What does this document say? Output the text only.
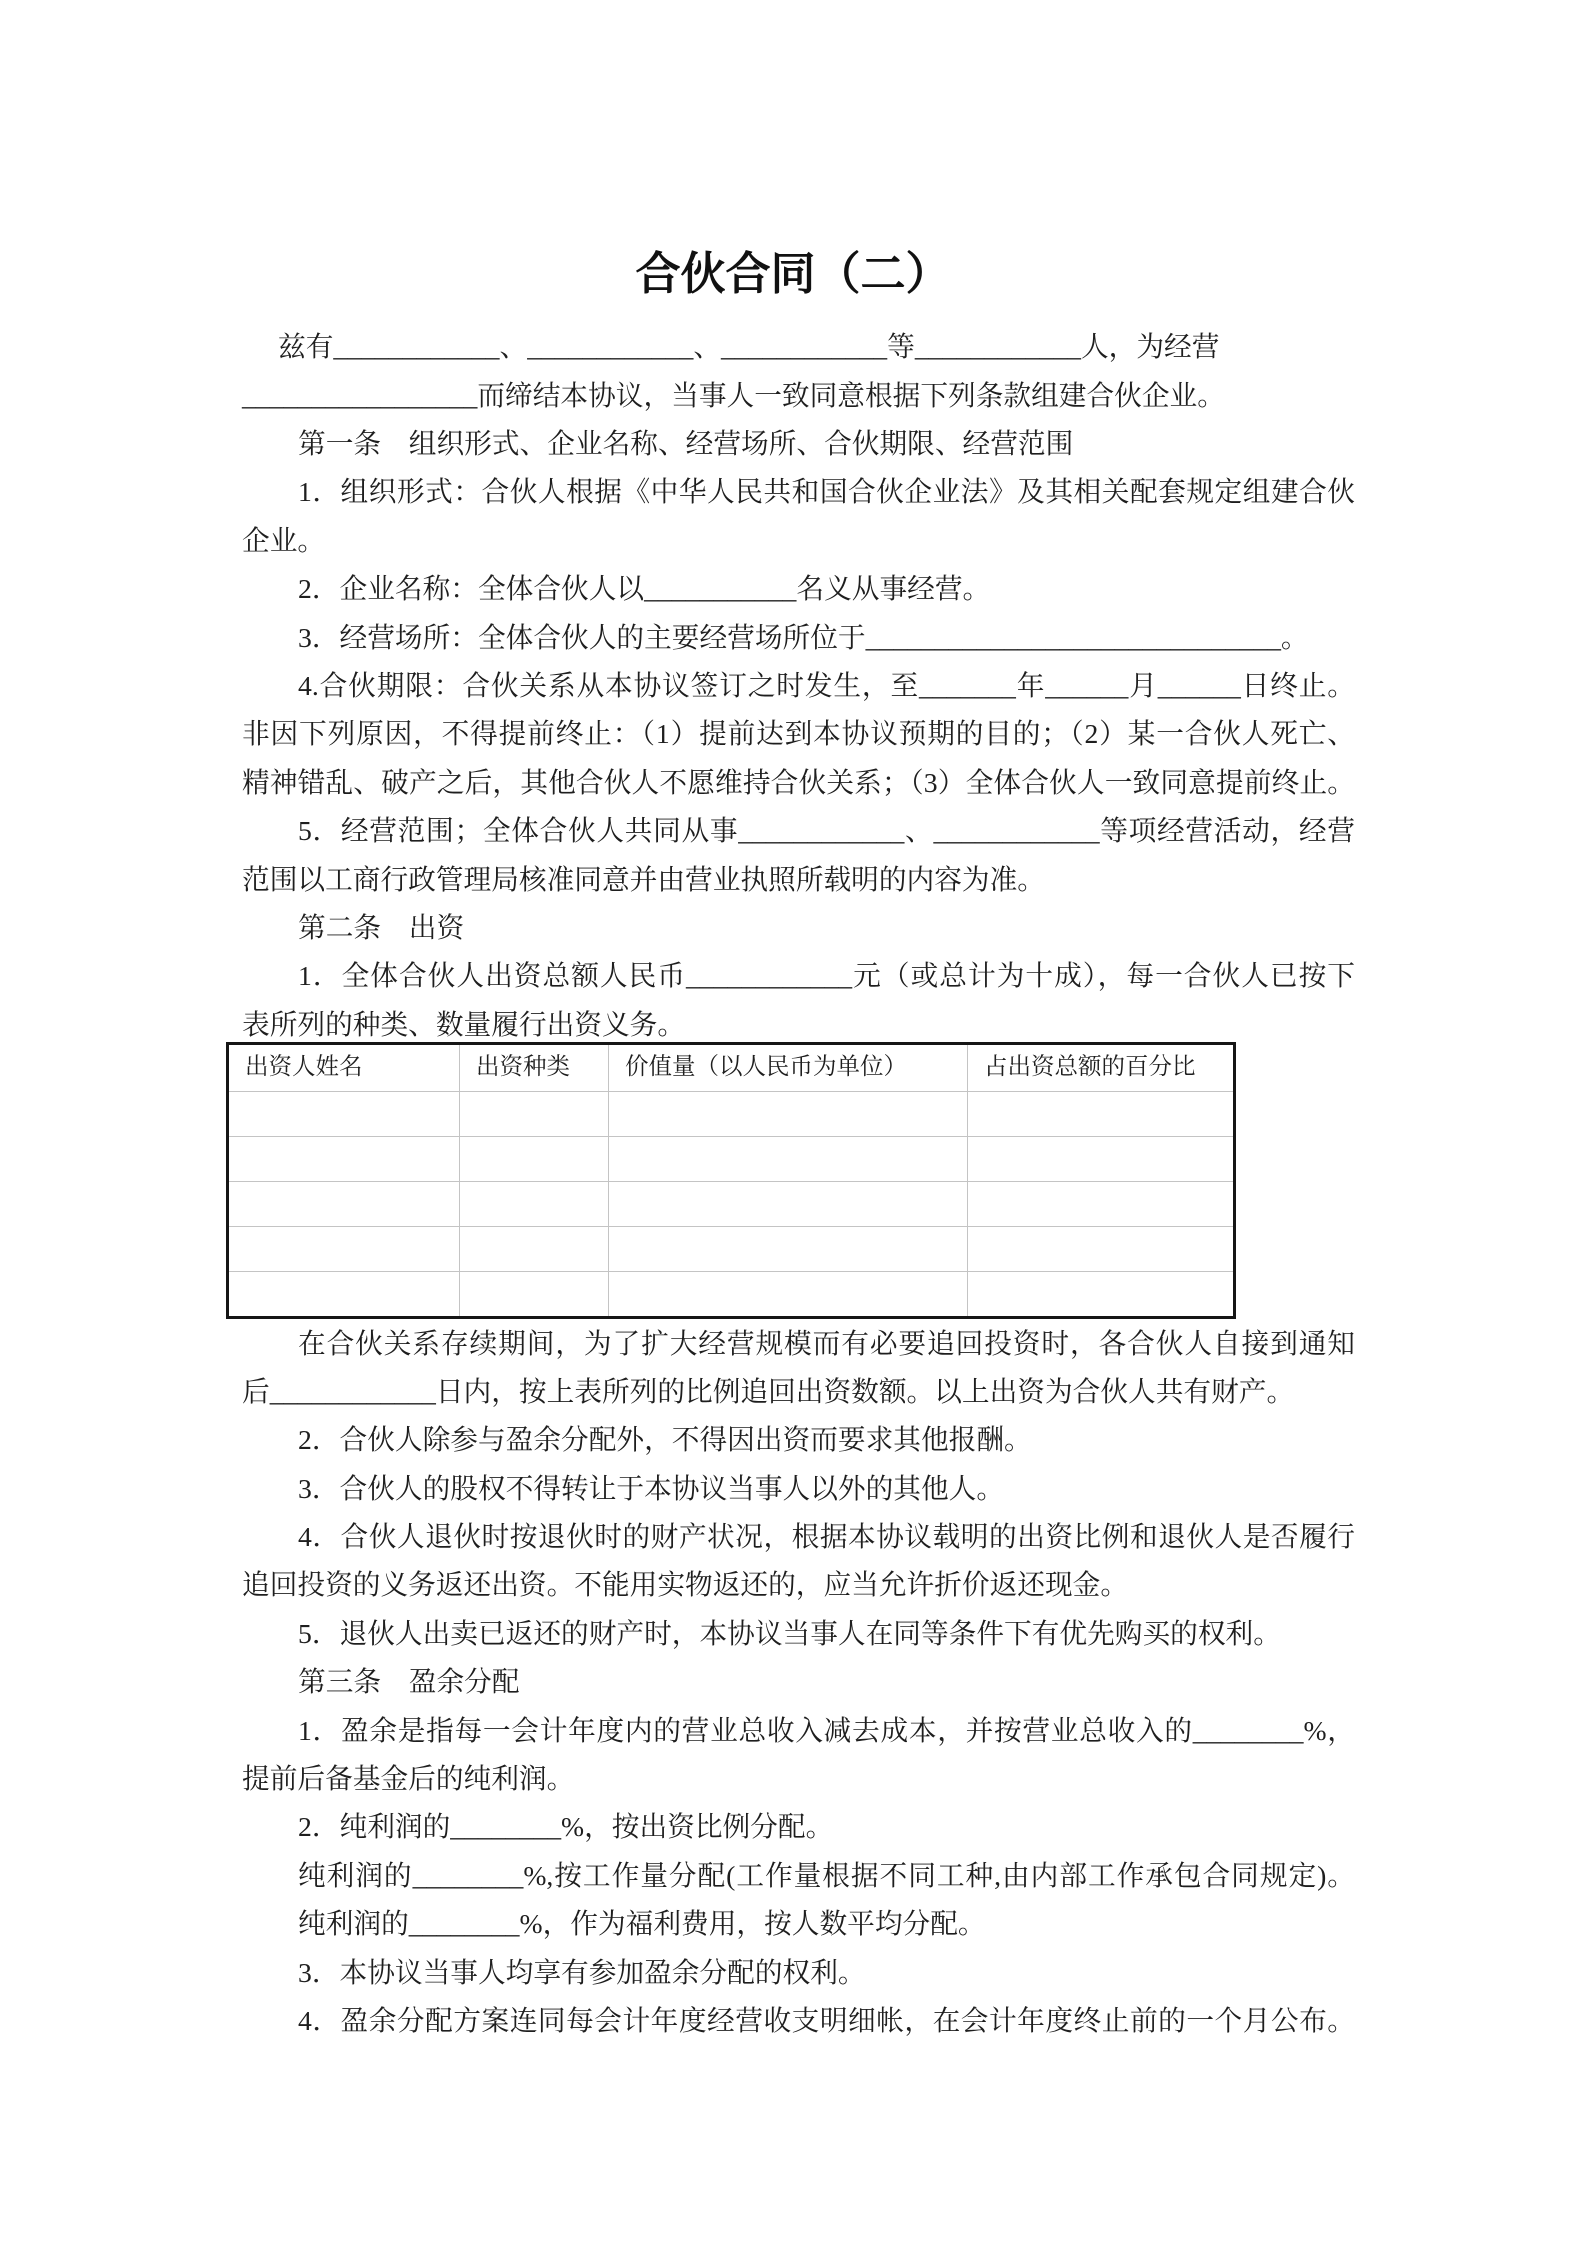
合伙合同（二）
兹有____________、____________、____________等____________人，为经营
_________________而缔结本协议，当事人一致同意根据下列条款组建合伙企业。
第一条　组织形式、企业名称、经营场所、合伙期限、经营范围
1．组织形式：合伙人根据《中华人民共和国合伙企业法》及其相关配套规定组建合伙
企业。
2．企业名称：全体合伙人以___________名义从事经营。
3．经营场所：全体合伙人的主要经营场所位于______________________________。
4.合伙期限：合伙关系从本协议签订之时发生，至_______年______月______日终止。
非因下列原因，不得提前终止：（1）提前达到本协议预期的目的；（2）某一合伙人死亡、
精神错乱、破产之后，其他合伙人不愿维持合伙关系；（3）全体合伙人一致同意提前终止。
5．经营范围；全体合伙人共同从事____________、____________等项经营活动，经营
范围以工商行政管理局核准同意并由营业执照所载明的内容为准。
第二条　出资
1．全体合伙人出资总额人民币____________元（或总计为十成），每一合伙人已按下
表所列的种类、数量履行出资义务。
出资人姓名	出资种类	价值量（以人民币为单位）	占出资总额的百分比

在合伙关系存续期间，为了扩大经营规模而有必要追回投资时，各合伙人自接到通知
后____________日内，按上表所列的比例追回出资数额。以上出资为合伙人共有财产。
2．合伙人除参与盈余分配外，不得因出资而要求其他报酬。
3．合伙人的股权不得转让于本协议当事人以外的其他人。
4．合伙人退伙时按退伙时的财产状况，根据本协议载明的出资比例和退伙人是否履行
追回投资的义务返还出资。不能用实物返还的，应当允许折价返还现金。
5．退伙人出卖已返还的财产时，本协议当事人在同等条件下有优先购买的权利。
第三条　盈余分配
1．盈余是指每一会计年度内的营业总收入减去成本，并按营业总收入的________%，
提前后备基金后的纯利润。
2．纯利润的________%，按出资比例分配。
纯利润的________%,按工作量分配(工作量根据不同工种,由内部工作承包合同规定)。
纯利润的________%，作为福利费用，按人数平均分配。
3．本协议当事人均享有参加盈余分配的权利。
4．盈余分配方案连同每会计年度经营收支明细帐，在会计年度终止前的一个月公布。
